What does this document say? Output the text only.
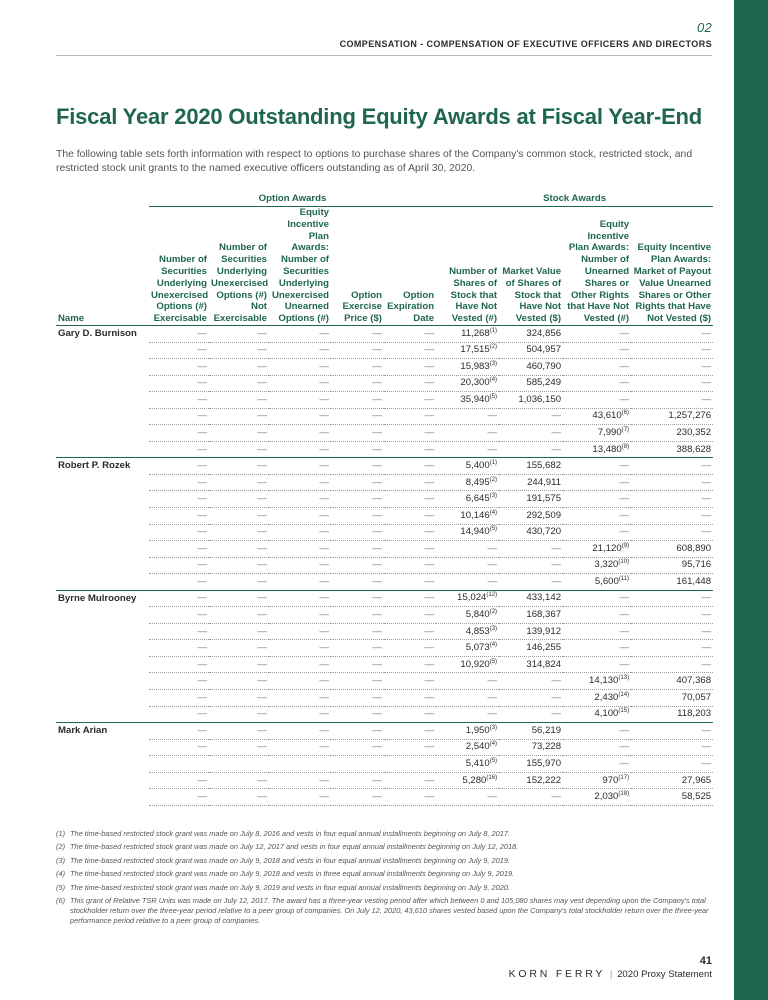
02
COMPENSATION - COMPENSATION OF EXECUTIVE OFFICERS AND DIRECTORS
Fiscal Year 2020 Outstanding Equity Awards at Fiscal Year-End

The following table sets forth information with respect to options to purchase shares of the Company's common stock, restricted stock, and restricted stock unit grants to the named executive officers outstanding as of April 30, 2020.

	Option Awards					Stock Awards			
Name	Number of Securities Underlying Unexercised Options (#) Exercisable	Number of Securities Underlying Unexercised Options (#) Not Exercisable	Equity Incentive Plan Awards: Number of Securities Underlying Unexercised Unearned Options (#)	Option Exercise Price ($)	Option Expiration Date	Number of Shares of Stock that Have Not Vested (#)	Market Value of Shares of Stock that Have Not Vested ($)	Equity Incentive Plan Awards: Number of Unearned Shares or Other Rights that Have Not Vested (#)	Equity Incentive Plan Awards: Market of Payout Value Unearned Shares or Other Rights that Have Not Vested ($)
Gary D. Burnison	—	—	—	—	—	11,268$^{(1)}$	324,856	—	—
	—	—	—	—	—	17,515$^{(2)}$	504,957	—	—
	—	—	—	—	—	15,983$^{(3)}$	460,790	—	—
	—	—	—	—	—	20,300$^{(4)}$	585,249	—	—
	—	—	—	—	—	35,940$^{(5)}$	1,036,150	—	—
	—	—	—	—	—	—	—	43,610$^{(6)}$	1,257,276
	—	—	—	—	—	—	—	7,990$^{(7)}$	230,352
	—	—	—	—	—	—	—	13,480$^{(8)}$	388,628
Robert P. Rozek	—	—	—	—	—	5,400$^{(1)}$	155,682	—	—
	—	—	—	—	—	8,495$^{(2)}$	244,911	—	—
	—	—	—	—	—	6,645$^{(3)}$	191,575	—	—
	—	—	—	—	—	10,146$^{(4)}$	292,509	—	—
	—	—	—	—	—	14,940$^{(5)}$	430,720	—	—
	—	—	—	—	—	—	—	21,120$^{(9)}$	608,890
	—	—	—	—	—	—	—	3,320$^{(10)}$	95,716
	—	—	—	—	—	—	—	5,600$^{(11)}$	161,448
Byrne Mulrooney	—	—	—	—	—	15,024$^{(12)}$	433,142	—	—
	—	—	—	—	—	5,840$^{(2)}$	168,367	—	—
	—	—	—	—	—	4,853$^{(3)}$	139,912	—	—
	—	—	—	—	—	5,073$^{(4)}$	146,255	—	—
	—	—	—	—	—	10,920$^{(5)}$	314,824	—	—
	—	—	—	—	—	—	—	14,130$^{(13)}$	407,368
	—	—	—	—	—	—	—	2,430$^{(14)}$	70,057
	—	—	—	—	—	—	—	4,100$^{(15)}$	118,203
Mark Arian	—	—	—	—	—	1,950$^{(3)}$	56,219	—	—
	—	—	—	—	—	2,540$^{(4)}$	73,228	—	—
						5,410$^{(5)}$	155,970	—	—
	—	—	—	—	—	5,280$^{(16)}$	152,222	970$^{(17)}$	27,965
	—	—	—	—	—	—	—	2,030$^{(18)}$	58,525
(1) The time-based restricted stock grant was made on July 8, 2016 and vests in four equal annual installments beginning on July 8, 2017.
(2) The time-based restricted stock grant was made on July 12, 2017 and vests in four equal annual installments beginning on July 12, 2018.
(3) The time-based restricted stock grant was made on July 9, 2018 and vests in four equal annual installments beginning on July 9, 2019.
(4) The time-based restricted stock grant was made on July 9, 2018 and vests in three equal annual installments beginning on July 9, 2019.
(5) The time-based restricted stock grant was made on July 9, 2019 and vests in four equal annual installments beginning on July 9, 2020.
(6) This grant of Relative TSR Units was made on July 12, 2017. The award has a three-year vesting period after which between 0 and 105,080 shares may vest depending upon the Company's total stockholder return over the three-year period relative to a peer group of companies. On July 12, 2020, 43,610 shares vested based upon the Company's total stockholder return over the three-year performance period relative to a peer group of companies.
41
KORN FERRY | 2020 Proxy Statement
